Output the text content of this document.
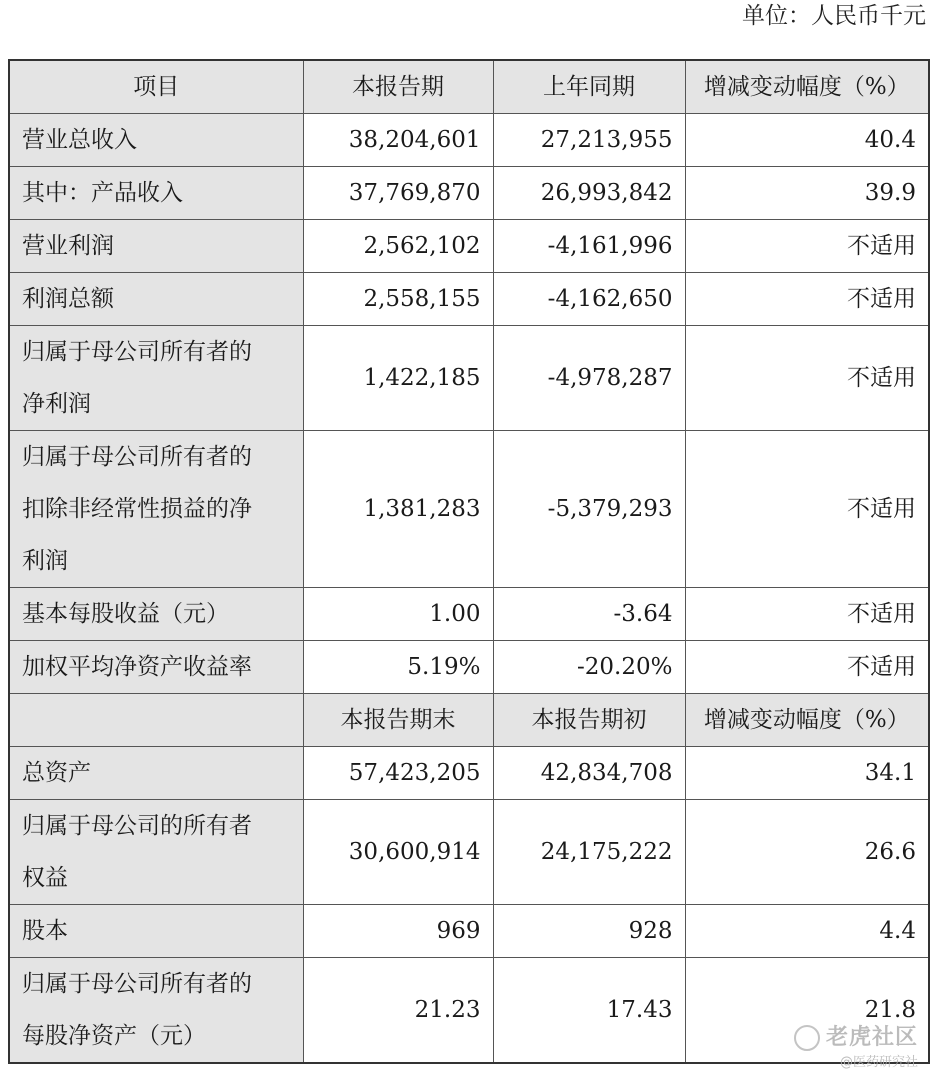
单位：人民币千元
项目	本报告期	上年同期	增减变动幅度（%）

营业总收入	38,204,601	27,213,955	40.4

其中：产品收入	37,769,870	26,993,842	39.9

营业利润	2,562,102	-4,161,996	不适用

利润总额	2,558,155	-4,162,650	不适用

归属于母公司所有者的
净利润	1,422,185	-4,978,287	不适用

归属于母公司所有者的
扣除非经常性损益的净
利润	1,381,283	-5,379,293	不适用

基本每股收益（元）	1.00	-3.64	不适用

加权平均净资产收益率	5.19%	-20.20%	不适用
	本报告期末	本报告期初	增减变动幅度（%）

总资产	57,423,205	42,834,708	34.1

归属于母公司的所有者
权益	30,600,914	24,175,222	26.6

股本	969	928	4.4

归属于母公司所有者的
每股净资产（元）	21.23	17.43	21.8
老虎社区
@医药研究社
